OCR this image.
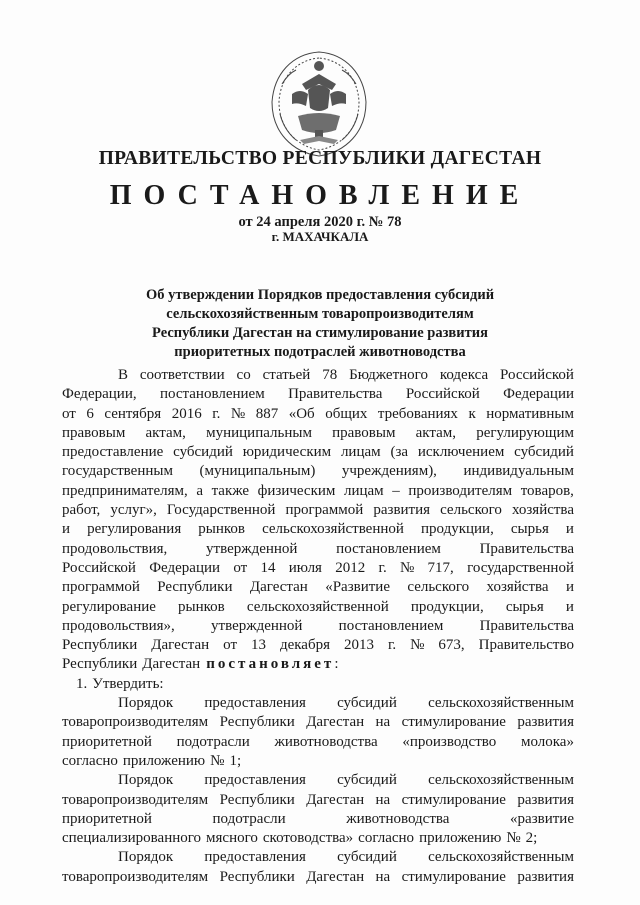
ПРАВИТЕЛЬСТВО РЕСПУБЛИКИ ДАГЕСТАН
ПОСТАНОВЛЕНИЕ
от 24 апреля 2020 г. № 78
г. МАХАЧКАЛА
Об утверждении Порядков предоставления субсидий
сельскохозяйственным товаропроизводителям
Республики Дагестан на стимулирование развития
приоритетных подотраслей животноводства
В соответствии со статьей 78 Бюджетного кодекса Российской
Федерации, постановлением Правительства Российской Федерации
от 6 сентября 2016 г. № 887 «Об общих требованиях к нормативным
правовым актам, муниципальным правовым актам, регулирующим
предоставление субсидий юридическим лицам (за исключением субсидий
государственным (муниципальным) учреждениям), индивидуальным
предпринимателям, а также физическим лицам – производителям товаров,
работ, услуг», Государственной программой развития сельского хозяйства
и регулирования рынков сельскохозяйственной продукции, сырья и
продовольствия,	утвержденной	постановлением	Правительства
Российской Федерации от 14 июля 2012 г. № 717, государственной
программой Республики Дагестан «Развитие сельского хозяйства и
регулирование рынков сельскохозяйственной продукции, сырья и
продовольствия», утвержденной постановлением Правительства
Республики Дагестан от 13 декабря 2013 г. № 673, Правительство
Республики Дагестан постановляет :
1. Утвердить:
Порядок предоставления субсидий сельскохозяйственным
товаропроизводителям Республики Дагестан на стимулирование развития
приоритетной подотрасли животноводства «производство молока»
согласно приложению № 1;
Порядок предоставления субсидий сельскохозяйственным
товаропроизводителям Республики Дагестан на стимулирование развития
приоритетной	подотрасли	животноводства	«развитие
специализированного мясного скотоводства» согласно приложению № 2;
Порядок предоставления субсидий сельскохозяйственным
товаропроизводителям Республики Дагестан на стимулирование развития
